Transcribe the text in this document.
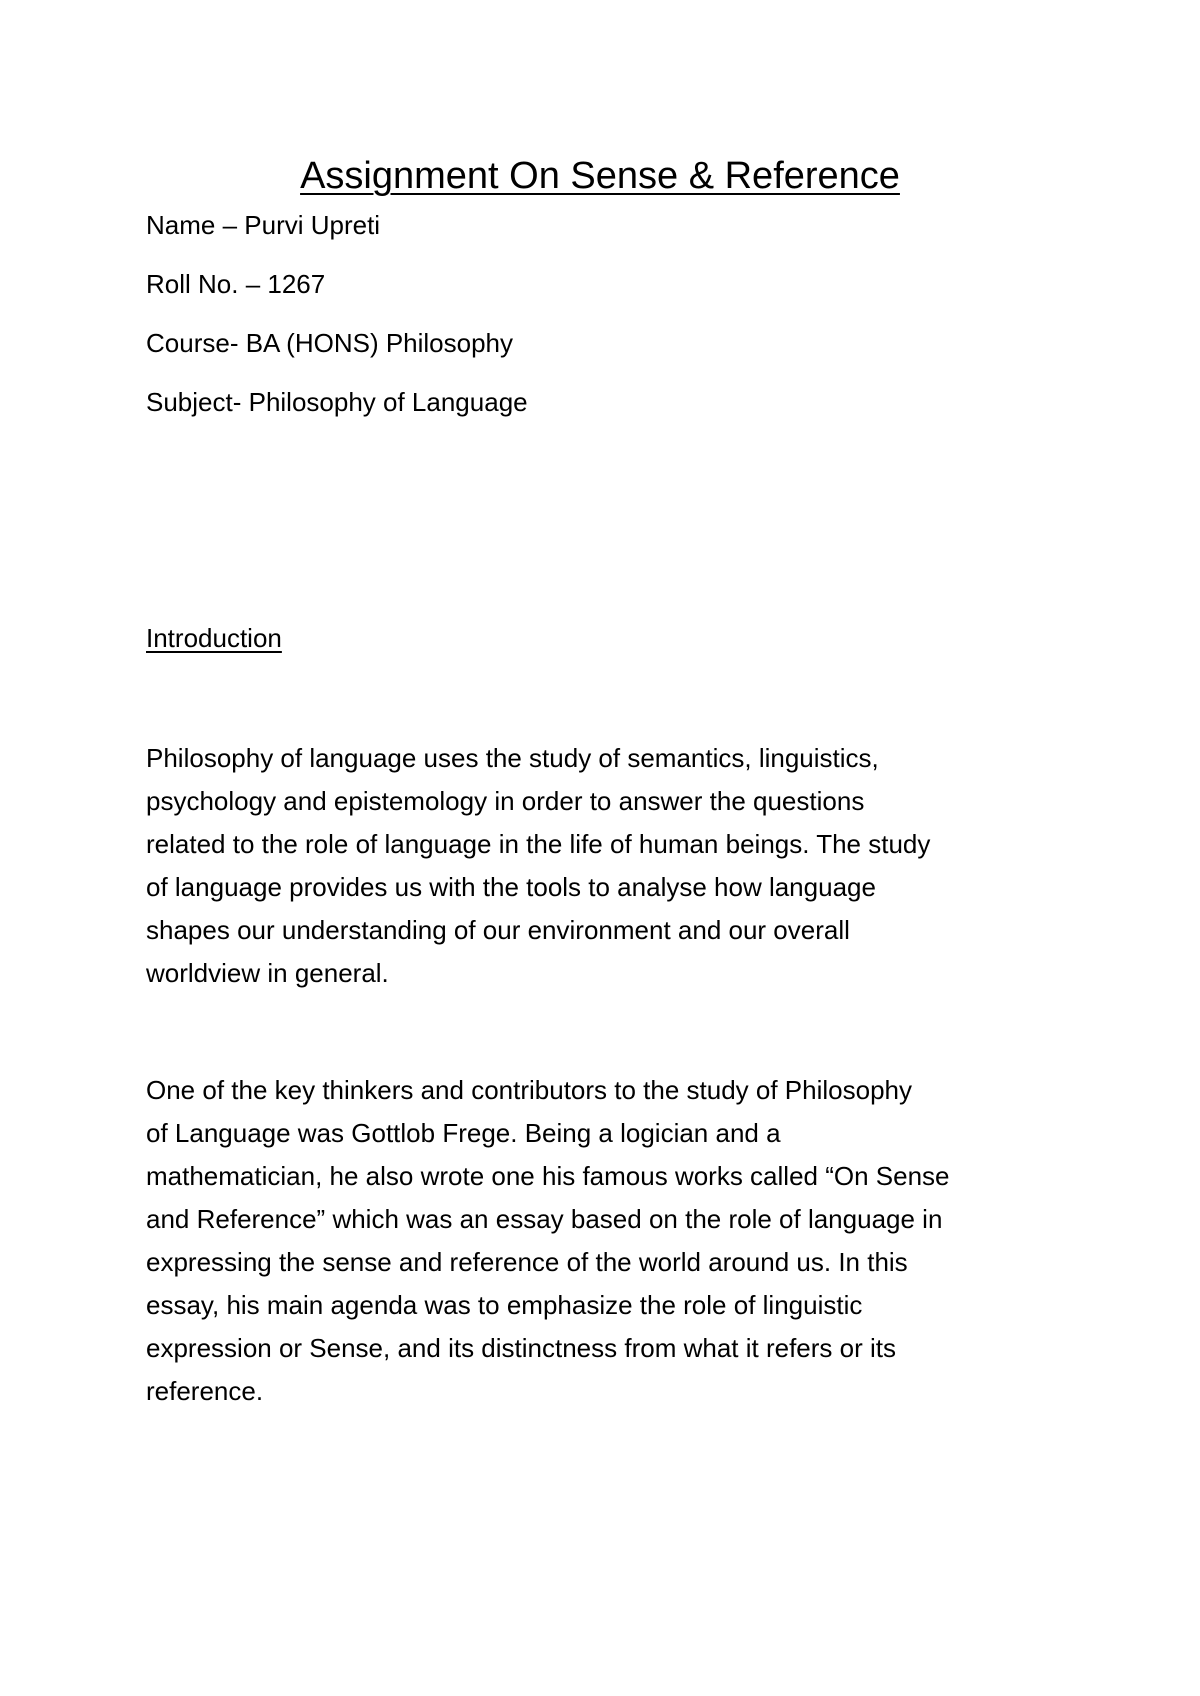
Assignment On Sense & Reference

Name – Purvi Upreti

Roll No. – 1267

Course- BA (HONS) Philosophy

Subject- Philosophy of Language

Introduction
Philosophy of language uses the study of semantics, linguistics,
psychology and epistemology in order to answer the questions
related to the role of language in the life of human beings. The study
of language provides us with the tools to analyse how language
shapes our understanding of our environment and our overall
worldview in general.
One of the key thinkers and contributors to the study of Philosophy
of Language was Gottlob Frege. Being a logician and a
mathematician, he also wrote one his famous works called “On Sense
and Reference” which was an essay based on the role of language in
expressing the sense and reference of the world around us. In this
essay, his main agenda was to emphasize the role of linguistic
expression or Sense, and its distinctness from what it refers or its
reference.
